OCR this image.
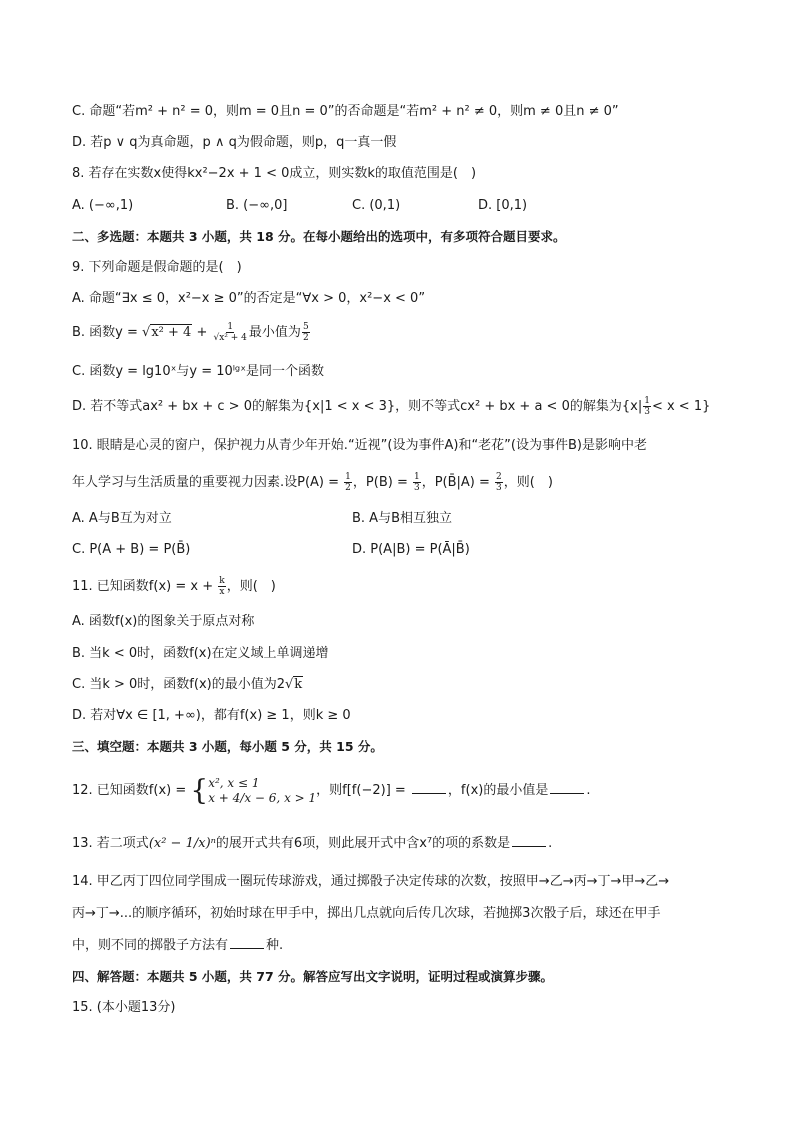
C. 命题“若m² + n² = 0，则m = 0且n = 0”的否命题是“若m² + n² ≠ 0，则m ≠ 0且n ≠ 0”
D. 若p ∨ q为真命题，p ∧ q为假命题，则p，q一真一假
8. 若存在实数x使得kx²−2x + 1 < 0成立，则实数k的取值范围是(　)
A. (−∞,1)	B. (−∞,0]	C. (0,1)	D. [0,1)
二、多选题：本题共 3 小题，共 18 分。在每小题给出的选项中，有多项符合题目要求。
9. 下列命题是假命题的是(　)
A. 命题“∃x ≤ 0，x²−x ≥ 0”的否定是“∀x > 0，x²−x < 0”
B. 函数$y = √x^2 + 4 + \frac{1}{\text{√x² + 4}}$ 最小值为 $\frac{5}{2}$
C. 函数y = lg10ˣ与y = 10ˡᵍˣ是同一个函数
D. 若不等式ax² + bx + c > 0的解集为{x|1 < x < 3}，则不等式cx² + bx + a < 0的解集为$\{x| \frac{1}{3} < x < 1\}$
10. 眼睛是心灵的窗户，保护视力从青少年开始.“近视”(设为事件A)和“老花”(设为事件B)是影响中老
年人学习与生活质量的重要视力因素.设$P(A) = \frac{1}{2}$ ，$P(B) = \frac{1}{3}$ ，P(B̄|A) = $\frac{2}{3}$ ，则(　)
A. A与B互为对立	B. A与B相互独立
C. P(A + B) = P(B̄)	D. P(A|B) = P(Ā|B̄)
11. 已知函数$f(x) = x + \frac{k}{x}$ ，则(　)
A. 函数f(x)的图象关于原点对称
B. 当k < 0时，函数f(x)在定义域上单调递增
C. 当k > 0时，函数f(x)的最小值为2√k
D. 若对∀x ∈ [1, +∞)，都有f(x) ≥ 1，则k ≥ 0
三、填空题：本题共 3 小题，每小题 5 分，共 15 分。
12. 已知函数f(x) = { x², x ≤ 1
x + 4/x − 6, x > 1 ，则f[f(−2)] =	，f(x)的最小值是	.
13. 若二项式(x² − 1/x)ⁿ的展开式共有6项，则此展开式中含x⁷的项的系数是	.
14. 甲乙丙丁四位同学围成一圈玩传球游戏，通过掷骰子决定传球的次数，按照甲→乙→丙→丁→甲→乙→
丙→丁→...的顺序循环，初始时球在甲手中，掷出几点就向后传几次球，若抛掷3次骰子后，球还在甲手
中，则不同的掷骰子方法有	种.
四、解答题：本题共 5 小题，共 77 分。解答应写出文字说明，证明过程或演算步骤。
15. (本小题13分)
